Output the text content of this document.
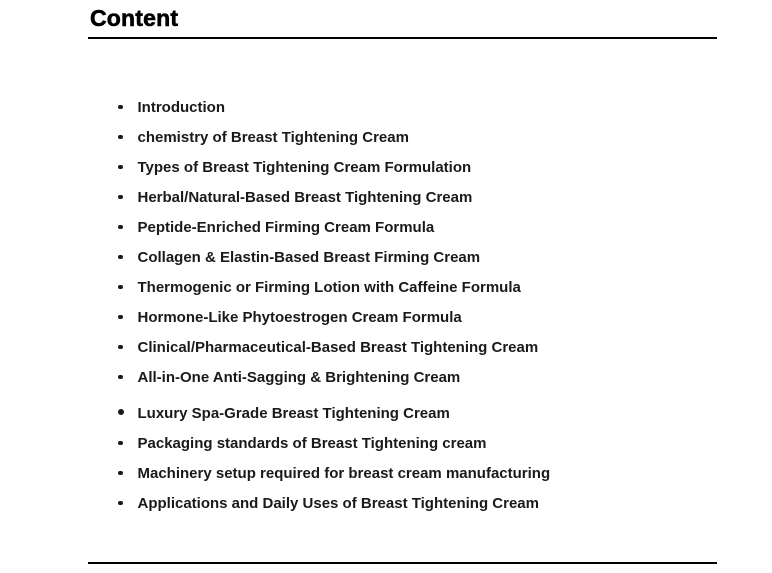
Content
Introduction
chemistry of Breast Tightening Cream
Types of Breast Tightening Cream Formulation
Herbal/Natural-Based Breast Tightening Cream
Peptide-Enriched Firming Cream Formula
Collagen & Elastin-Based Breast Firming Cream
Thermogenic or Firming Lotion with Caffeine Formula
Hormone-Like Phytoestrogen Cream Formula
Clinical/Pharmaceutical-Based Breast Tightening Cream
All-in-One Anti-Sagging & Brightening Cream
Luxury Spa-Grade Breast Tightening Cream
Packaging standards of Breast Tightening cream
Machinery setup required for breast cream manufacturing
Applications and Daily Uses of Breast Tightening Cream
